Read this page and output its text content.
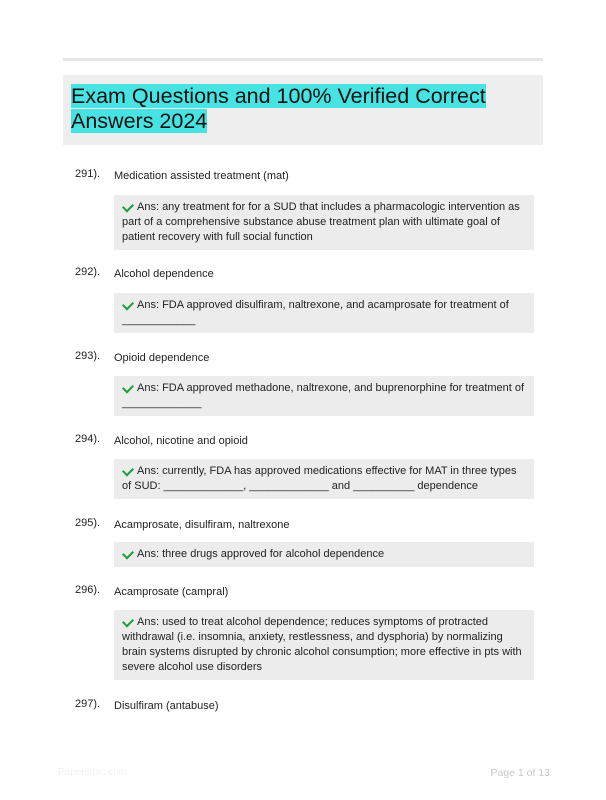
Exam Questions and 100% Verified Correct Answers 2024
291). Medication assisted treatment (mat)
Ans: any treatment for for a SUD that includes a pharmacologic intervention as part of a comprehensive substance abuse treatment plan with ultimate goal of patient recovery with full social function
292). Alcohol dependence
Ans: FDA approved disulfiram, naltrexone, and acamprosate for treatment of ____________
293). Opioid dependence
Ans: FDA approved methadone, naltrexone, and buprenorphine for treatment of _____________
294). Alcohol, nicotine and opioid
Ans: currently, FDA has approved medications effective for MAT in three types of SUD: _____________, _____________ and __________ dependence
295). Acamprosate, disulfiram, naltrexone
Ans: three drugs approved for alcohol dependence
296). Acamprosate (campral)
Ans: used to treat alcohol dependence; reduces symptoms of protracted withdrawal (i.e. insomnia, anxiety, restlessness, and dysphoria) by normalizing brain systems disrupted by chronic alcohol consumption; more effective in pts with severe alcohol use disorders
297). Disulfiram (antabuse)
Paperstbic.com	Page 1 of 13
